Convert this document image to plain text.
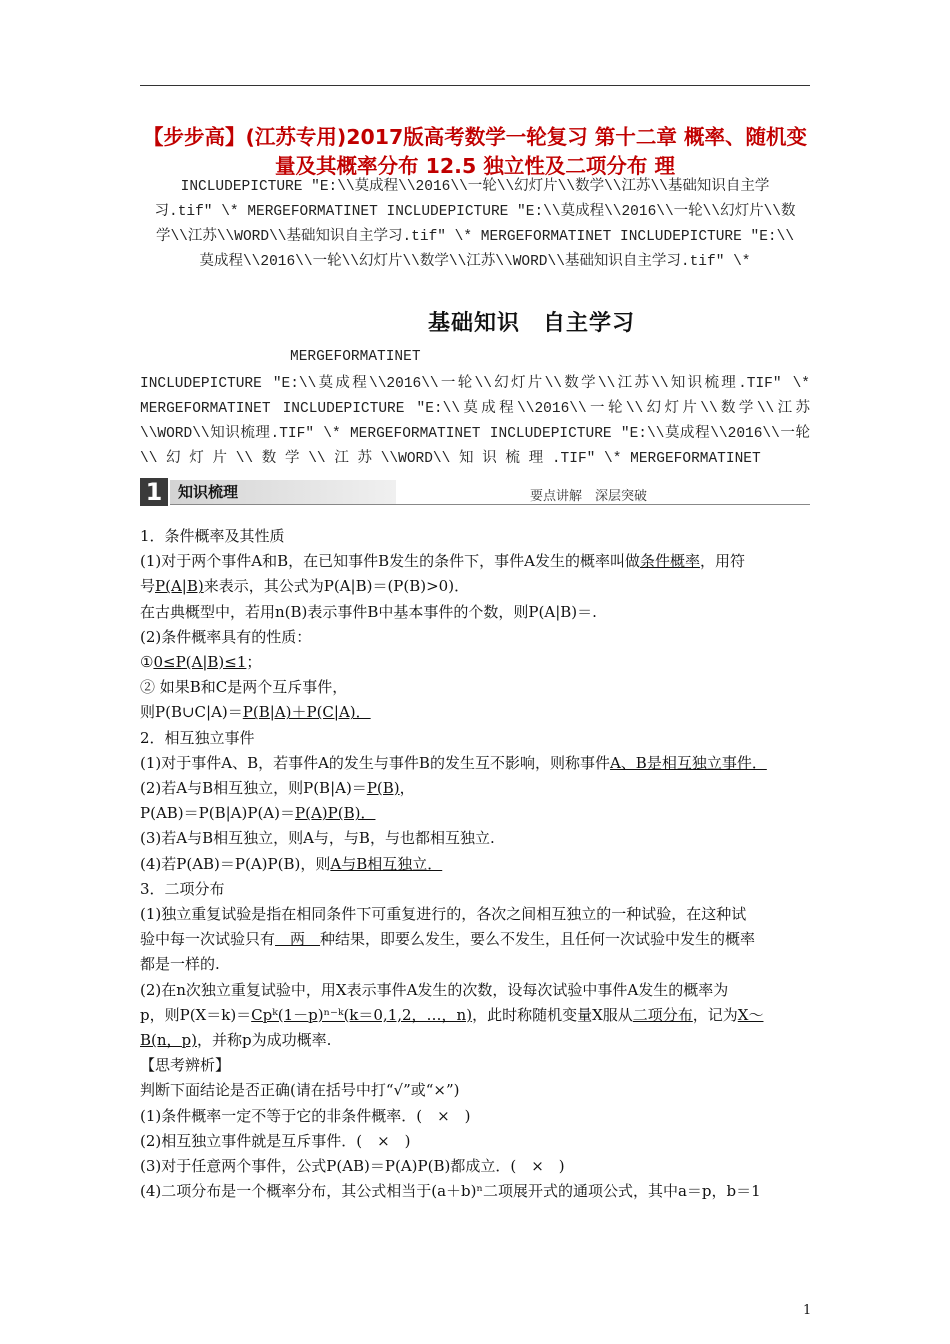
【步步高】(江苏专用)2017版高考数学一轮复习 第十二章 概率、随机变量及其概率分布 12.5 独立性及二项分布 理
INCLUDEPICTURE "E:\\莫成程\\2016\\一轮\\幻灯片\\数学\\江苏\\基础知识自主学
习.tif" \* MERGEFORMATINET INCLUDEPICTURE "E:\\莫成程\\2016\\一轮\\幻灯片\\数
学\\江苏\\WORD\\基础知识自主学习.tif" \* MERGEFORMATINET INCLUDEPICTURE "E:\\
莫成程\\2016\\一轮\\幻灯片\\数学\\江苏\\WORD\\基础知识自主学习.tif" \*
基础知识　自主学习
MERGEFORMATINET
INCLUDEPICTURE "E:\\莫成程\\2016\\一轮\\幻灯片\\数学\\江苏\\知识梳理.TIF" \* MERGEFORMATINET INCLUDEPICTURE "E:\\莫成程\\2016\\一轮\\幻灯片\\数学\\江苏\\WORD\\知识梳理.TIF" \* MERGEFORMATINET INCLUDEPICTURE "E:\\莫成程\\2016\\一轮\\ 幻 灯 片 \\ 数 学 \\ 江 苏 \\WORD\\ 知 识 梳 理 .TIF" \* MERGEFORMATINET
1	知识梳理	要点讲解　深层突破

1．条件概率及其性质

(1)对于两个事件A和B，在已知事件B发生的条件下，事件A发生的概率叫做条件概率，用符

号P(A|B)来表示，其公式为P(A|B)＝(P(B)>0)．

在古典概型中，若用n(B)表示事件B中基本事件的个数，则P(A|B)＝.

(2)条件概率具有的性质：

①0≤P(A|B)≤1；

② 如果B和C是两个互斥事件，

则P(B∪C|A)＝P(B|A)＋P(C|A)．

2．相互独立事件

(1)对于事件A、B，若事件A的发生与事件B的发生互不影响，则称事件A、B是相互独立事件．

(2)若A与B相互独立，则P(B|A)＝P(B)，

P(AB)＝P(B|A)P(A)＝P(A)P(B)．

(3)若A与B相互独立，则A与，与B，与也都相互独立.

(4)若P(AB)＝P(A)P(B)，则A与B相互独立．

3．二项分布

(1)独立重复试验是指在相同条件下可重复进行的，各次之间相互独立的一种试验，在这种试

验中每一次试验只有　两　种结果，即要么发生，要么不发生，且任何一次试验中发生的概率

都是一样的.

(2)在n次独立重复试验中，用X表示事件A发生的次数，设每次试验中事件A发生的概率为

p，则P(X＝k)＝Cpᵏ(1－p)ⁿ⁻ᵏ(k＝0,1,2，…，n)，此时称随机变量X服从二项分布，记为X～

B(n，p)，并称p为成功概率.

【思考辨析】

判断下面结论是否正确(请在括号中打“√”或“×”)

(1)条件概率一定不等于它的非条件概率．(　×　)

(2)相互独立事件就是互斥事件．(　×　)

(3)对于任意两个事件，公式P(AB)＝P(A)P(B)都成立．(　×　)

(4)二项分布是一个概率分布，其公式相当于(a＋b)ⁿ二项展开式的通项公式，其中a＝p，b＝1

1
